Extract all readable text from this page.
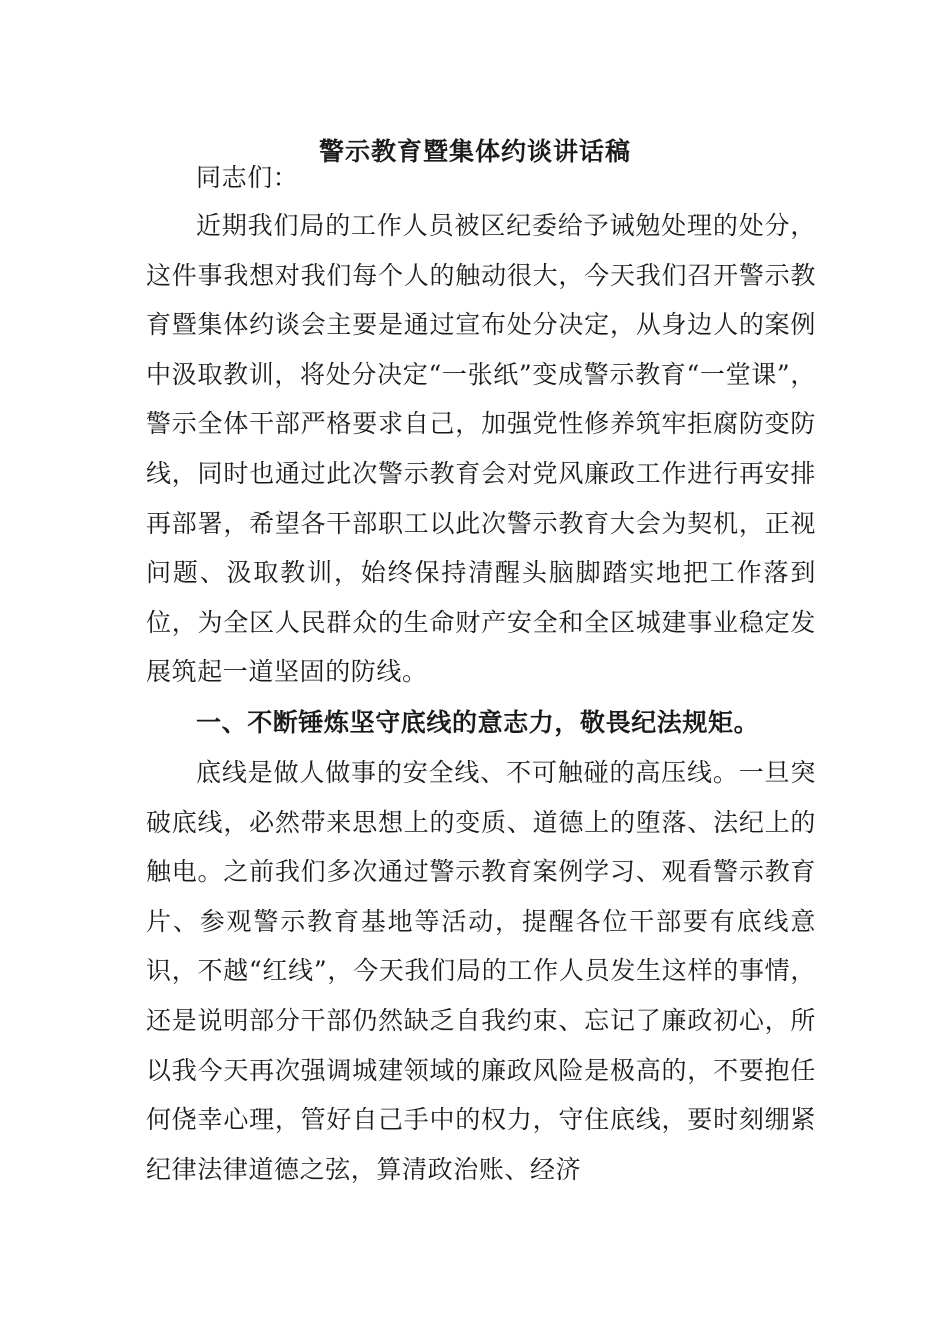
警示教育暨集体约谈讲话稿

同志们：

近期我们局的工作人员被区纪委给予诫勉处理的处分，这件事我想对我们每个人的触动很大，今天我们召开警示教育暨集体约谈会主要是通过宣布处分决定，从身边人的案例中汲取教训，将处分决定“一张纸”变成警示教育“一堂课”，警示全体干部严格要求自己，加强党性修养筑牢拒腐防变防线，同时也通过此次警示教育会对党风廉政工作进行再安排再部署，希望各干部职工以此次警示教育大会为契机，正视问题、汲取教训，始终保持清醒头脑脚踏实地把工作落到位，为全区人民群众的生命财产安全和全区城建事业稳定发展筑起一道坚固的防线。

一、不断锤炼坚守底线的意志力，敬畏纪法规矩。

底线是做人做事的安全线、不可触碰的高压线。一旦突破底线，必然带来思想上的变质、道德上的堕落、法纪上的触电。之前我们多次通过警示教育案例学习、观看警示教育片、参观警示教育基地等活动，提醒各位干部要有底线意识，不越“红线”，今天我们局的工作人员发生这样的事情，还是说明部分干部仍然缺乏自我约束、忘记了廉政初心，所以我今天再次强调城建领域的廉政风险是极高的，不要抱任何侥幸心理，管好自己手中的权力，守住底线，要时刻绷紧纪律法律道德之弦，算清政治账、经济
